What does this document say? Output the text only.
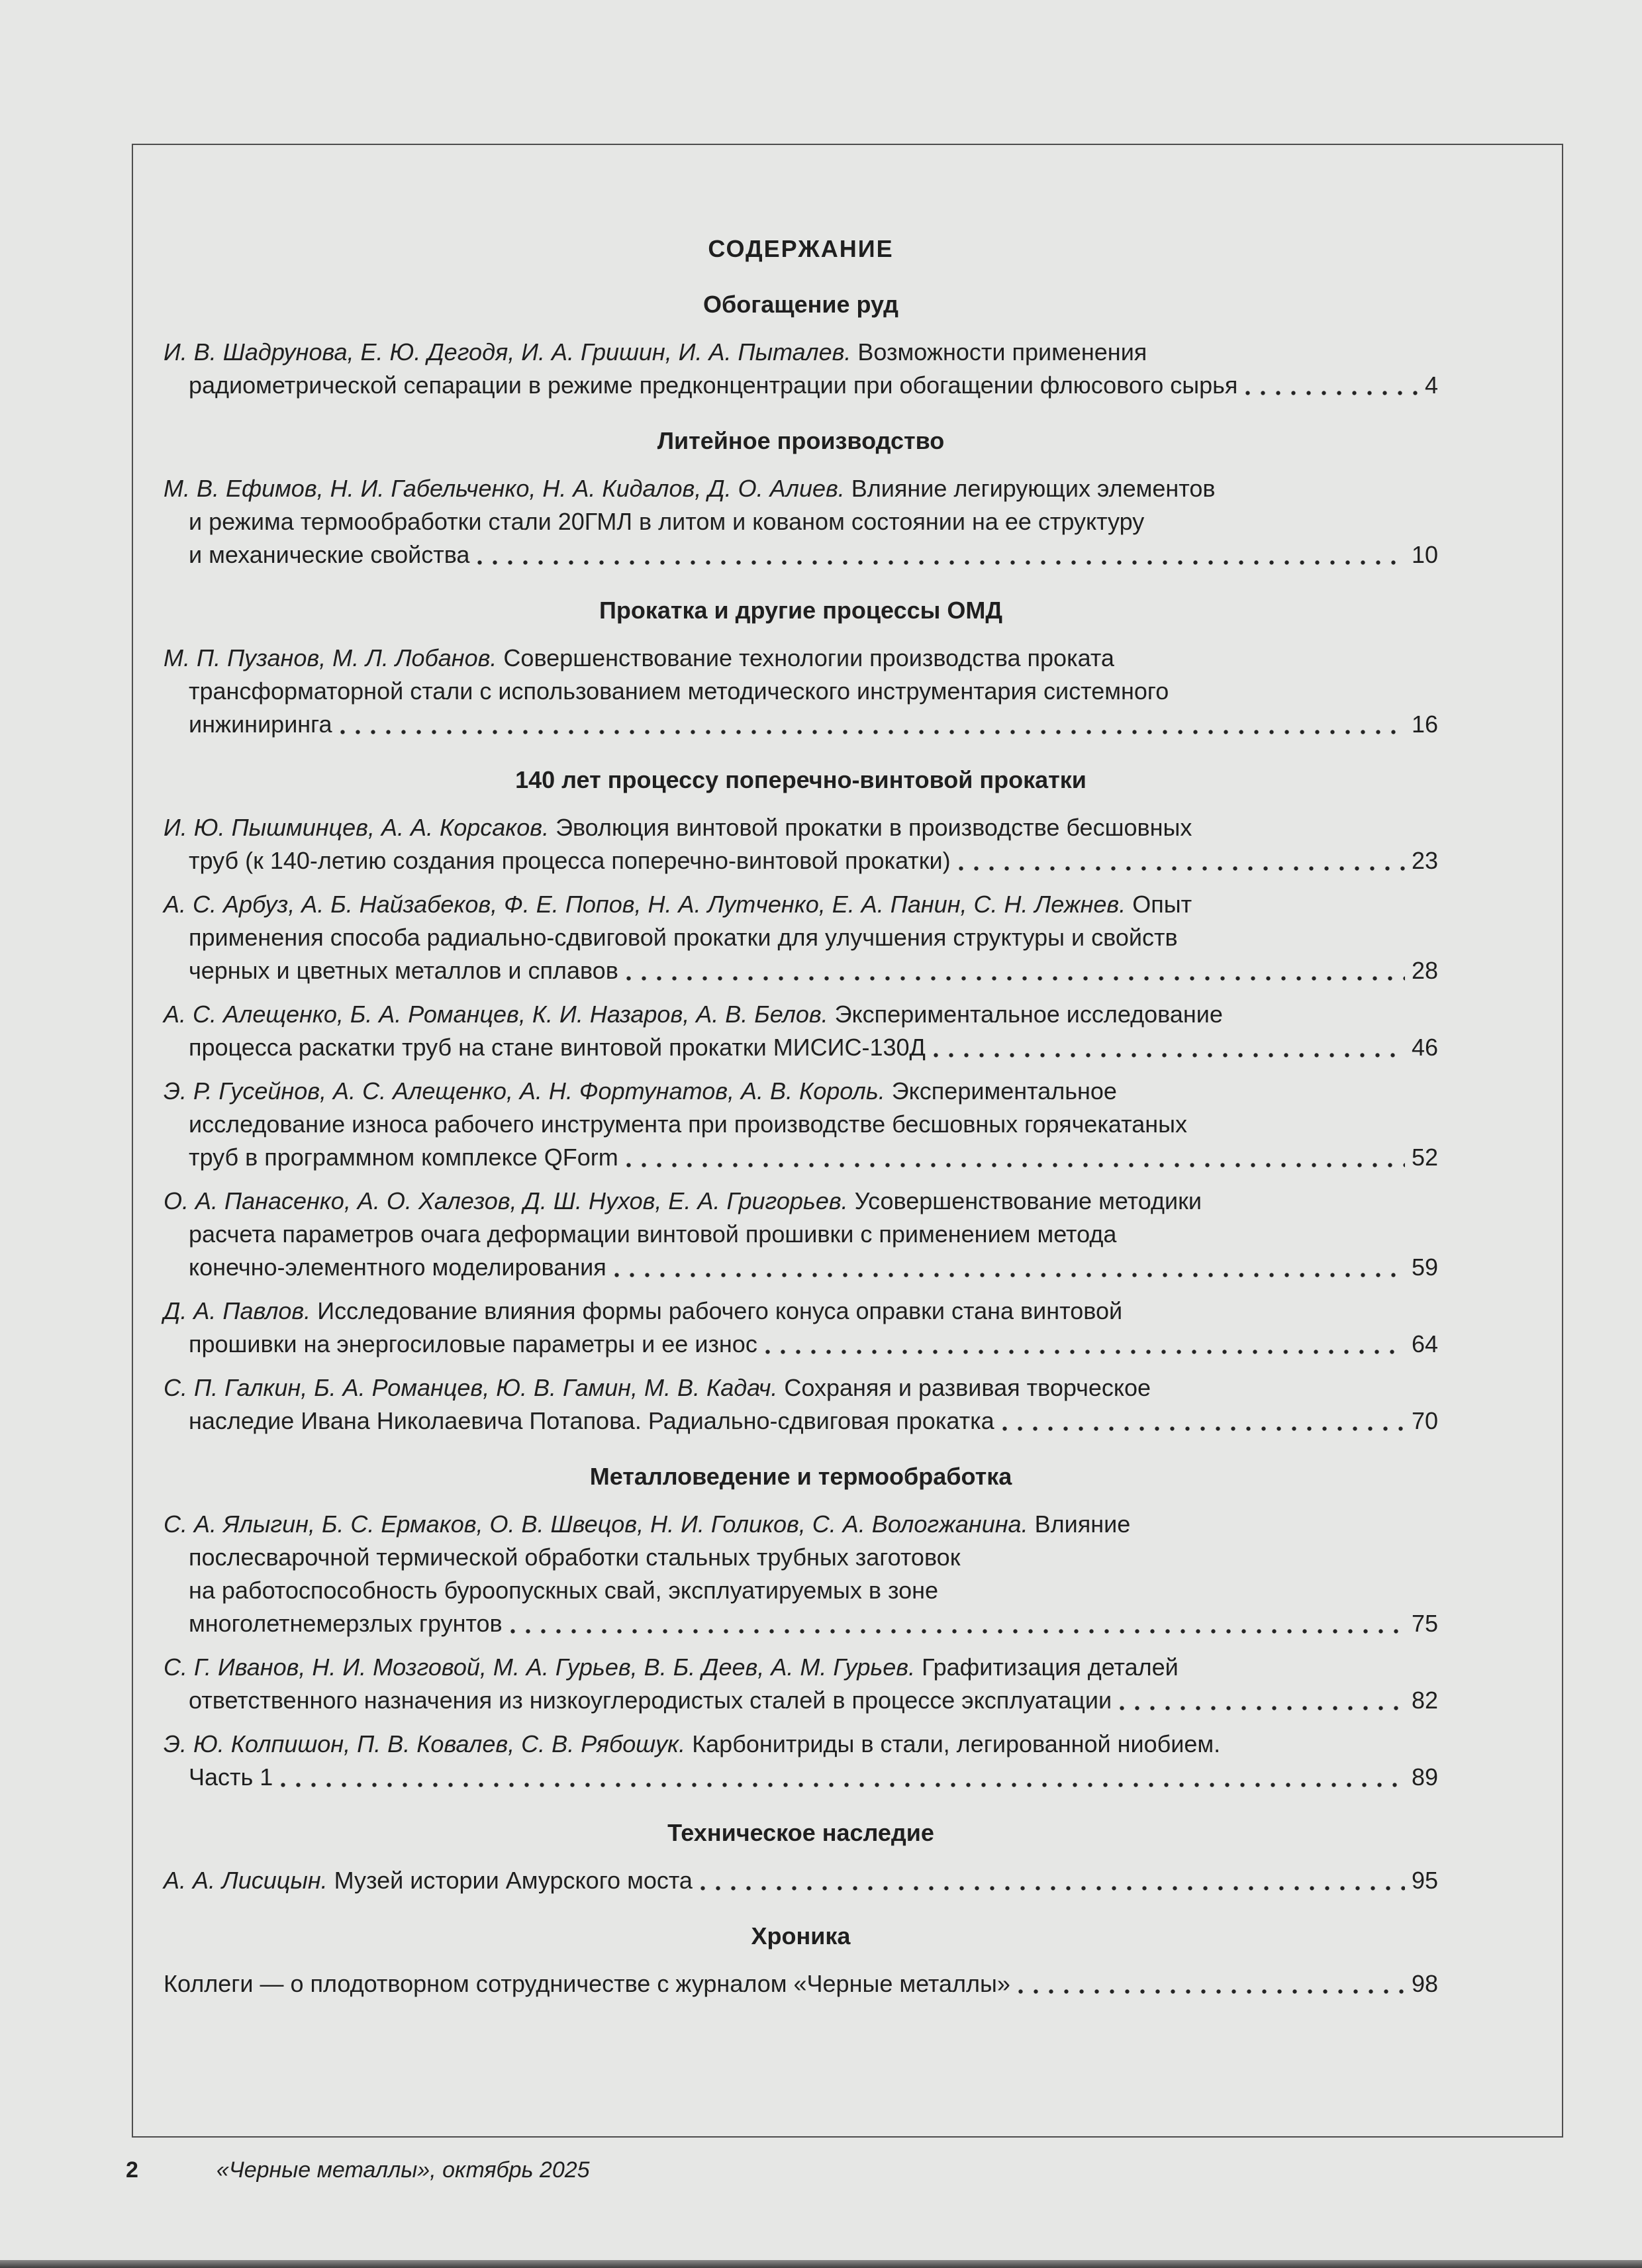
СОДЕРЖАНИЕ
Обогащение руд
И. В. Шадрунова, Е. Ю. Дегодя, И. А. Гришин, И. А. Пыталев. Возможности применения
радиометрической сепарации в режиме предконцентрации при обогащении флюсового сырья	4
Литейное производство
М. В. Ефимов, Н. И. Габельченко, Н. А. Кидалов, Д. О. Алиев. Влияние легирующих элементов
и режима термообработки стали 20ГМЛ в литом и кованом состоянии на ее структуру
и механические свойства	10
Прокатка и другие процессы ОМД
М. П. Пузанов, М. Л. Лобанов. Совершенствование технологии производства проката
трансформаторной стали с использованием методического инструментария системного
инжиниринга	16
140 лет процессу поперечно-винтовой прокатки
И. Ю. Пышминцев, А. А. Корсаков. Эволюция винтовой прокатки в производстве бесшовных
труб (к 140-летию создания процесса поперечно-винтовой прокатки)	23
А. С. Арбуз, А. Б. Найзабеков, Ф. Е. Попов, Н. А. Лутченко, Е. А. Панин, С. Н. Лежнев. Опыт
применения способа радиально-сдвиговой прокатки для улучшения структуры и свойств
черных и цветных металлов и сплавов	28
А. С. Алещенко, Б. А. Романцев, К. И. Назаров, А. В. Белов. Экспериментальное исследование
процесса раскатки труб на стане винтовой прокатки МИСИС-130Д	46
Э. Р. Гусейнов, А. С. Алещенко, А. Н. Фортунатов, А. В. Король. Экспериментальное
исследование износа рабочего инструмента при производстве бесшовных горячекатаных
труб в программном комплексе QForm	52
О. А. Панасенко, А. О. Халезов, Д. Ш. Нухов, Е. А. Григорьев. Усовершенствование методики
расчета параметров очага деформации винтовой прошивки с применением метода
конечно-элементного моделирования	59
Д. А. Павлов. Исследование влияния формы рабочего конуса оправки стана винтовой
прошивки на энергосиловые параметры и ее износ	64
С. П. Галкин, Б. А. Романцев, Ю. В. Гамин, М. В. Кадач. Сохраняя и развивая творческое
наследие Ивана Николаевича Потапова. Радиально-сдвиговая прокатка	70
Металловедение и термообработка
С. А. Ялыгин, Б. С. Ермаков, О. В. Швецов, Н. И. Голиков, С. А. Вологжанина. Влияние
послесварочной термической обработки стальных трубных заготовок
на работоспособность буроопускных свай, эксплуатируемых в зоне
многолетнемерзлых грунтов	75
С. Г. Иванов, Н. И. Мозговой, М. А. Гурьев, В. Б. Деев, А. М. Гурьев. Графитизация деталей
ответственного назначения из низкоуглеродистых сталей в процессе эксплуатации	82
Э. Ю. Колпишон, П. В. Ковалев, С. В. Рябошук. Карбонитриды в стали, легированной ниобием.
Часть 1	89
Техническое наследие
А. А. Лисицын. Музей истории Амурского моста	95
Хроника
Коллеги — о плодотворном сотрудничестве с журналом «Черные металлы»	98
2	«Черные металлы», октябрь 2025
